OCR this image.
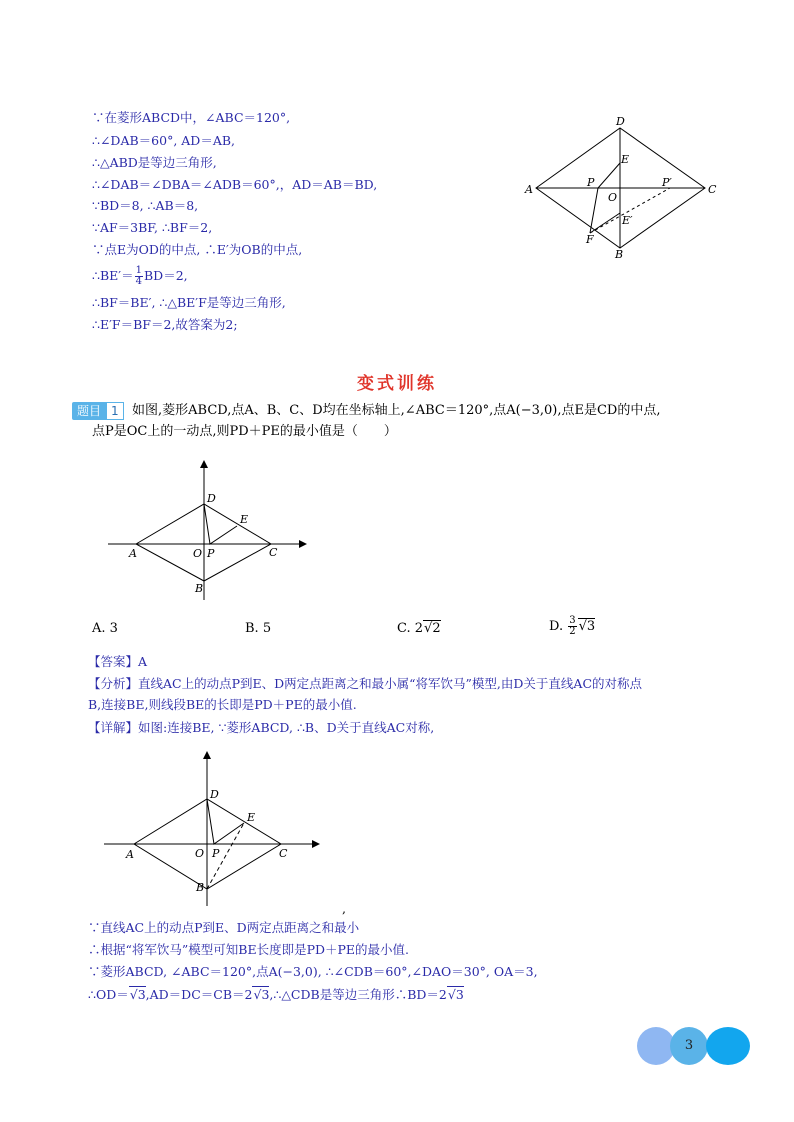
∵在菱形ABCD中，∠ABC＝120°,
∴∠DAB＝60°, AD＝AB,
∴△ABD是等边三角形,
∴∠DAB＝∠DBA＝∠ADB＝60°,，AD＝AB＝BD,
∵BD＝8, ∴AB＝8,
∵AF＝3BF, ∴BF＝2,
∵点E为OD的中点, ∴E′为OB的中点,
∴BE′＝ $\frac{1}{4} BD=2$,
∴BF＝BE′, ∴△BE′F是等边三角形,
∴E′F＝BF＝2,故答案为2;
D
E
A
P
O
P′
C
E′
F
B
变式训练
题目 1	如图,菱形ABCD,点A、B、C、D均在坐标轴上,∠ABC＝120°,点A(−3,0),点E是CD的中点,
点P是OC上的一动点,则PD＋PE的最小值是（　　）
D
E
A	O P	C
B
A. 3	B. 5	C. 2√2	D. $\frac{3}{2} √3$
【答案】A
【分析】直线AC上的动点P到E、D两定点距离之和最小属“将军饮马”模型,由D关于直线AC的对称点
B,连接BE,则线段BE的长即是PD＋PE的最小值.
【详解】如图:连接BE, ∵菱形ABCD, ∴B、D关于直线AC对称,
D
E
A	O P	C
B
,
∵直线AC上的动点P到E、D两定点距离之和最小
∴根据“将军饮马”模型可知BE长度即是PD＋PE的最小值.
∵菱形ABCD, ∠ABC＝120°,点A(−3,0), ∴∠CDB＝60°,∠DAO＝30°, OA＝3,
∴OD＝√3,AD＝DC＝CB＝2√3,∴△CDB是等边三角形∴BD＝2√3
3
